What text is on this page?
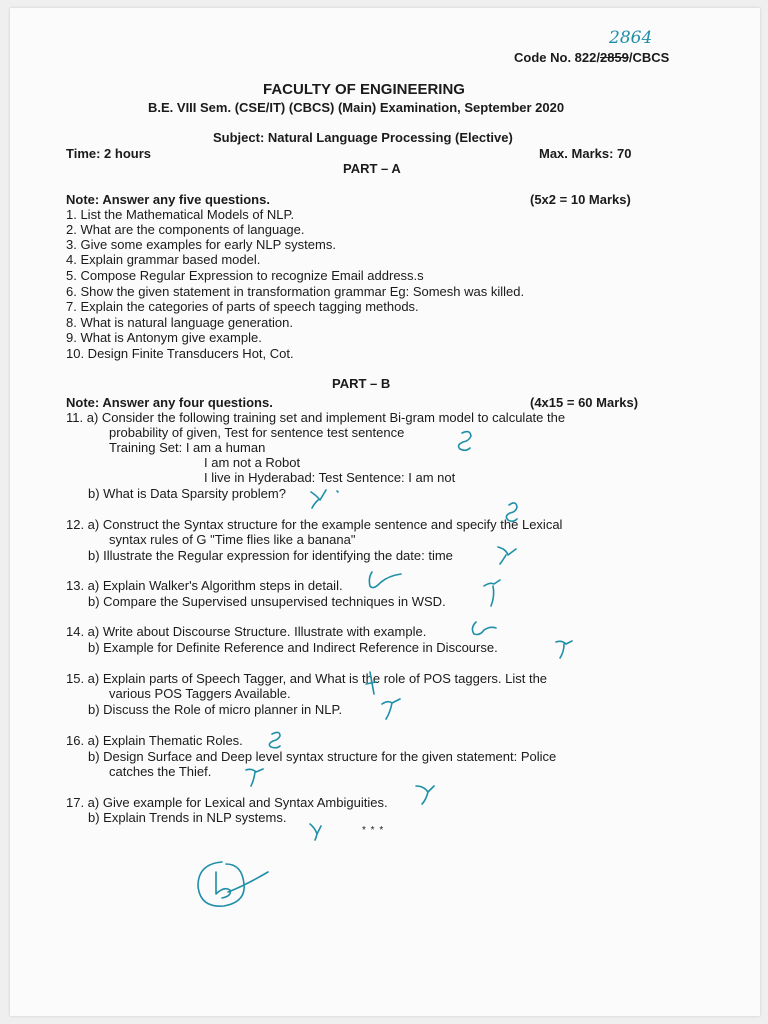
2864
Code No. 822/2859/CBCS
FACULTY OF ENGINEERING
B.E. VIII Sem. (CSE/IT) (CBCS) (Main) Examination, September 2020
Subject: Natural Language Processing (Elective)
Time: 2 hours	Max. Marks: 70
PART – A
Note: Answer any five questions.	(5x2 = 10 Marks)
1. List the Mathematical Models of NLP.
2. What are the components of language.
3. Give some examples for early NLP systems.
4. Explain grammar based model.
5. Compose Regular Expression to recognize Email address.s
6. Show the given statement in transformation grammar Eg: Somesh was killed.
7. Explain the categories of parts of speech tagging methods.
8. What is natural language generation.
9. What is Antonym give example.
10. Design Finite Transducers Hot, Cot.
PART – B
Note: Answer any four questions.	(4x15 = 60 Marks)
11. a) Consider the following training set and implement Bi-gram model to calculate the
probability of given, Test for sentence test sentence
Training Set: I am a human
I am not a Robot
I live in Hyderabad: Test Sentence: I am not
b) What is Data Sparsity problem?
12. a) Construct the Syntax structure for the example sentence and specify the Lexical
syntax rules of G "Time flies like a banana"
b) Illustrate the Regular expression for identifying the date: time
13. a) Explain Walker's Algorithm steps in detail.
b) Compare the Supervised unsupervised techniques in WSD.
14. a) Write about Discourse Structure. Illustrate with example.
b) Example for Definite Reference and Indirect Reference in Discourse.
15. a) Explain parts of Speech Tagger, and What is the role of POS taggers. List the
various POS Taggers Available.
b) Discuss the Role of micro planner in NLP.
16. a) Explain Thematic Roles.
b) Design Surface and Deep level syntax structure for the given statement: Police
catches the Thief.
17. a) Give example for Lexical and Syntax Ambiguities.
b) Explain Trends in NLP systems.
* * *
